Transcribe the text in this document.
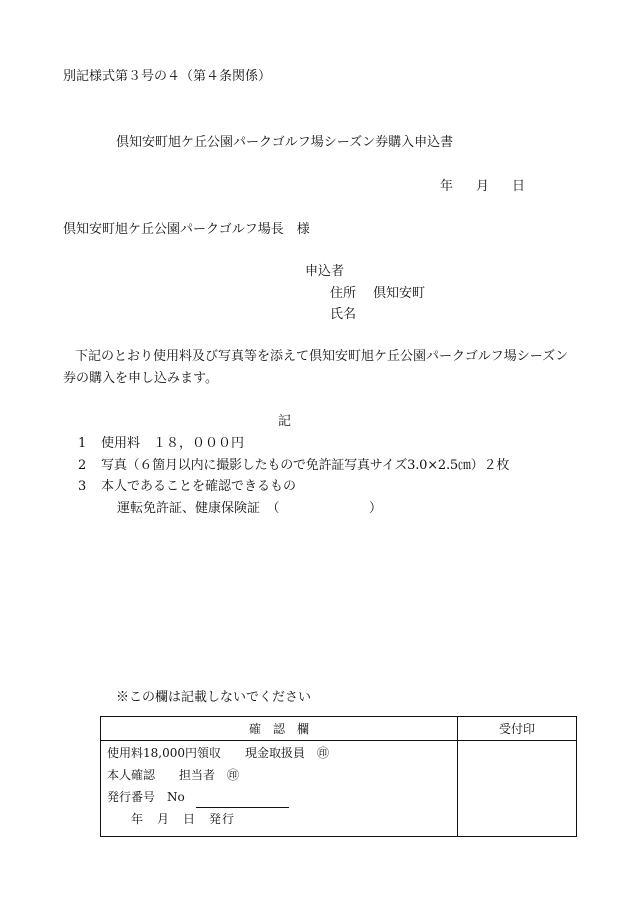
別記様式第３号の４（第４条関係）
倶知安町旭ケ丘公園パークゴルフ場シーズン券購入申込書
年　月　日
倶知安町旭ケ丘公園パークゴルフ場長　様
申込者
住所 倶知安町
氏名
下記のとおり使用料及び写真等を添えて倶知安町旭ケ丘公園パークゴルフ場シーズン
券の購入を申し込みます。
記
1 使用料　１８，０００円
2 写真（６箇月以内に撮影したもので免許証写真サイズ3.0×2.5㎝）２枚
3 本人であることを確認できるもの
運転免許証、健康保険証　（	）
※この欄は記載しないでください
確　認　欄	受付印

使用料18,000円領収　　現金取扱員　㊞
本人確認　　担当者　㊞
発行番号　No
年　月　日　発行	
